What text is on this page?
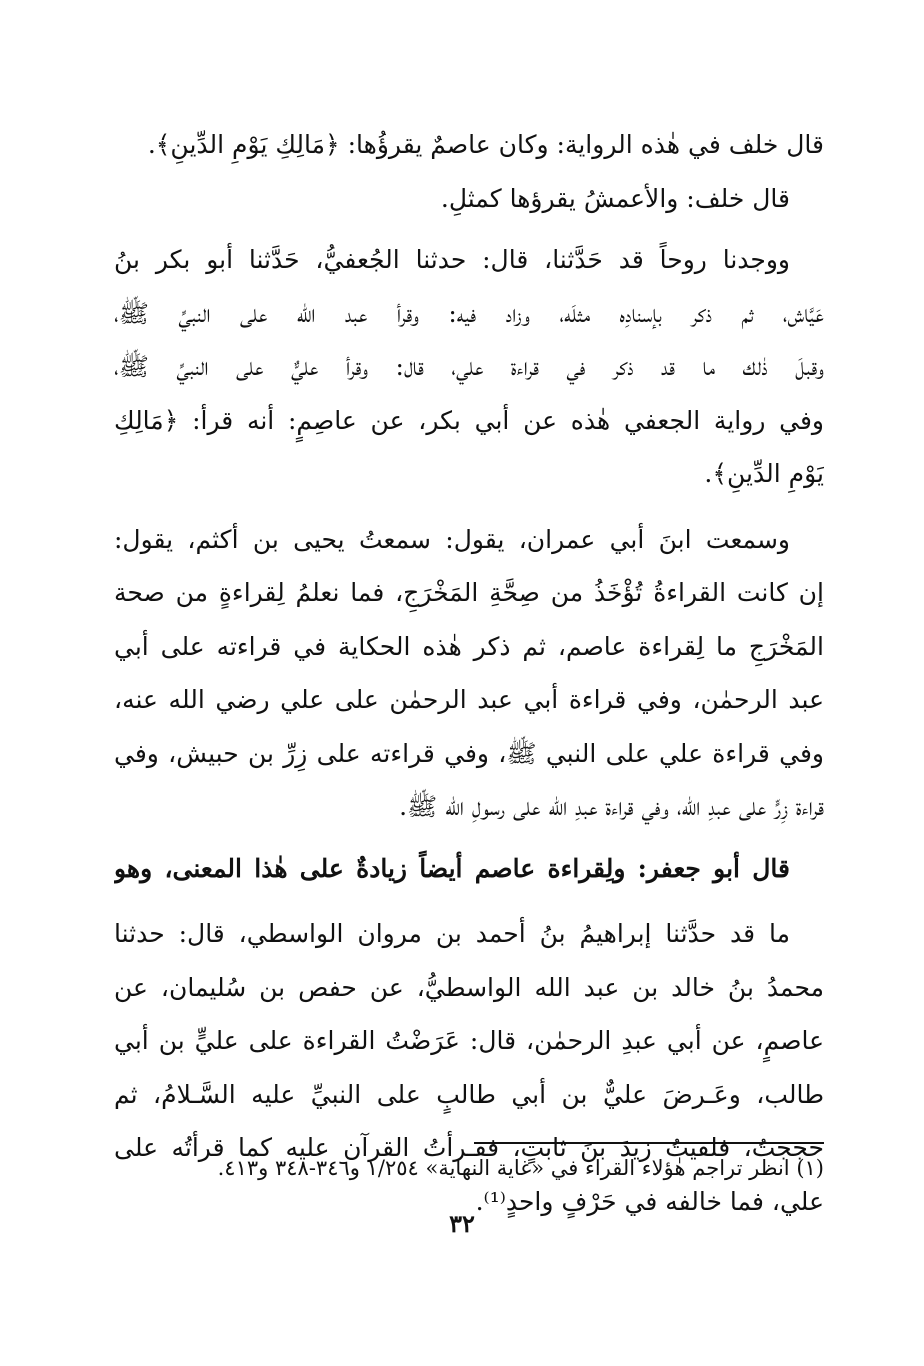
قال خلف في هٰذه الرواية: وكان عاصمٌ يقرؤُها: ﴿مَالِكِ يَوْمِ الدِّينِ﴾.
قال خلف: والأعمشُ يقرؤها كمثلِ.
ووجدنا روحاً قد حَدَّثنا، قال: حدثنا الجُعفيُّ، حَدَّثنا أبو بكر بنُ
عَيَّاش، ثم ذكر بإسنادِه مثلَه، وزاد فيه: وقرأ عبد الله على النبيِّ ﷺ،
وقبلَ ذٰلك ما قد ذكر في قراءة علي، قال: وقرأ عليٌّ على النبيِّ ﷺ،
وفي رواية الجعفي هٰذه عن أبي بكر، عن عاصِمٍ: أنه قرأ: ﴿مَالِكِ
يَوْمِ الدِّينِ﴾.
وسمعت ابنَ أبي عمران، يقول: سمعتُ يحيى بن أكثم، يقول:
إن كانت القراءةُ تُؤْخَذُ من صِحَّةِ المَخْرَجِ، فما نعلمُ لِقراءةٍ من صحة
المَخْرَجِ ما لِقراءة عاصم، ثم ذكر هٰذه الحكاية في قراءته على أبي
عبد الرحمٰن، وفي قراءة أبي عبد الرحمٰن على علي رضي الله عنه،
وفي قراءة علي على النبي ﷺ، وفي قراءته على زِرِّ بن حبيش، وفي
قراءة زِرٍّ على عبدِ الله، وفي قراءة عبدِ الله على رسولِ الله ﷺ.
قال أبو جعفر: ولِقراءة عاصم أيضاً زيادةٌ على هٰذا المعنى، وهو
ما قد حدَّثنا إبراهيمُ بنُ أحمد بن مروان الواسطي، قال: حدثنا
محمدُ بنُ خالد بن عبد الله الواسطيُّ، عن حفص بن سُليمان، عن
عاصمٍ، عن أبي عبدِ الرحمٰن، قال: عَرَضْتُ القراءة على عليٍّ بن أبي
طالب، وعَـرضَ عليٌّ بن أبي طالبٍ على النبيِّ عليه السَّـلامُ، ثم
حججتُ، فلقيتُ زيدَ بنَ ثابتٍ، فقـرأتُ القرآن عليه كما قرأتُه على
علي، فما خالفه في حَرْفٍ واحدٍ⁽¹⁾.
(١) انظر تراجم هٰؤلاء القراء في «غاية النهاية» ١/٢٥٤ و٣٤٦-٣٤٨ و٤١٣.
٣٢
